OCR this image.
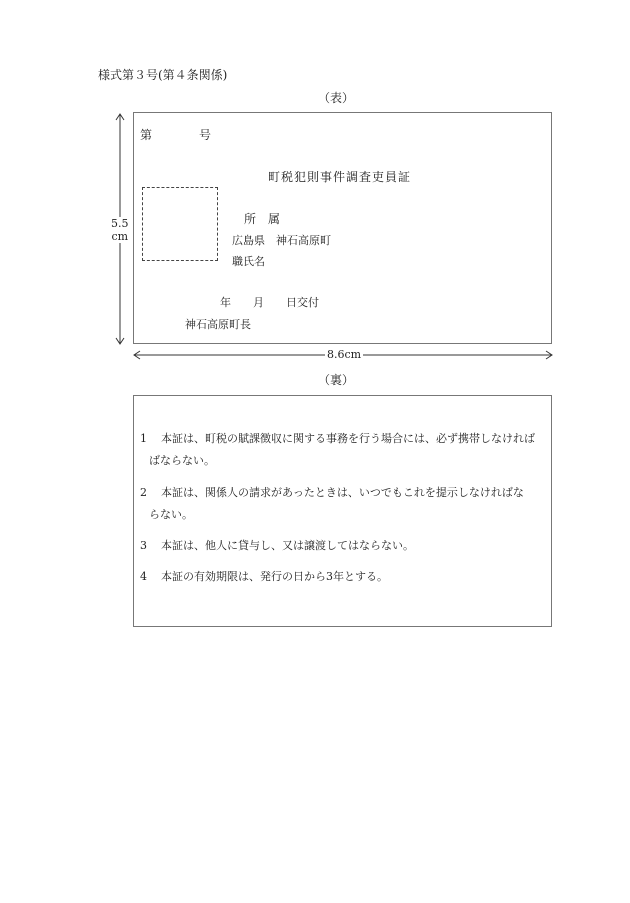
様式第３号(第４条関係)
（表）
5.5
cm
第	号
町税犯則事件調査吏員証
所　属
広島県　神石高原町
職氏名
年　　月　　日交付
神石高原町長
8.6cm
（裏）
1 本証は、町税の賦課徴収に関する事務を行う場合には、必ず携帯しなければ
ばならない。
2 本証は、関係人の請求があったときは、いつでもこれを提示しなければな
らない。
3 本証は、他人に貸与し、又は譲渡してはならない。
4 本証の有効期限は、発行の日から3年とする。
